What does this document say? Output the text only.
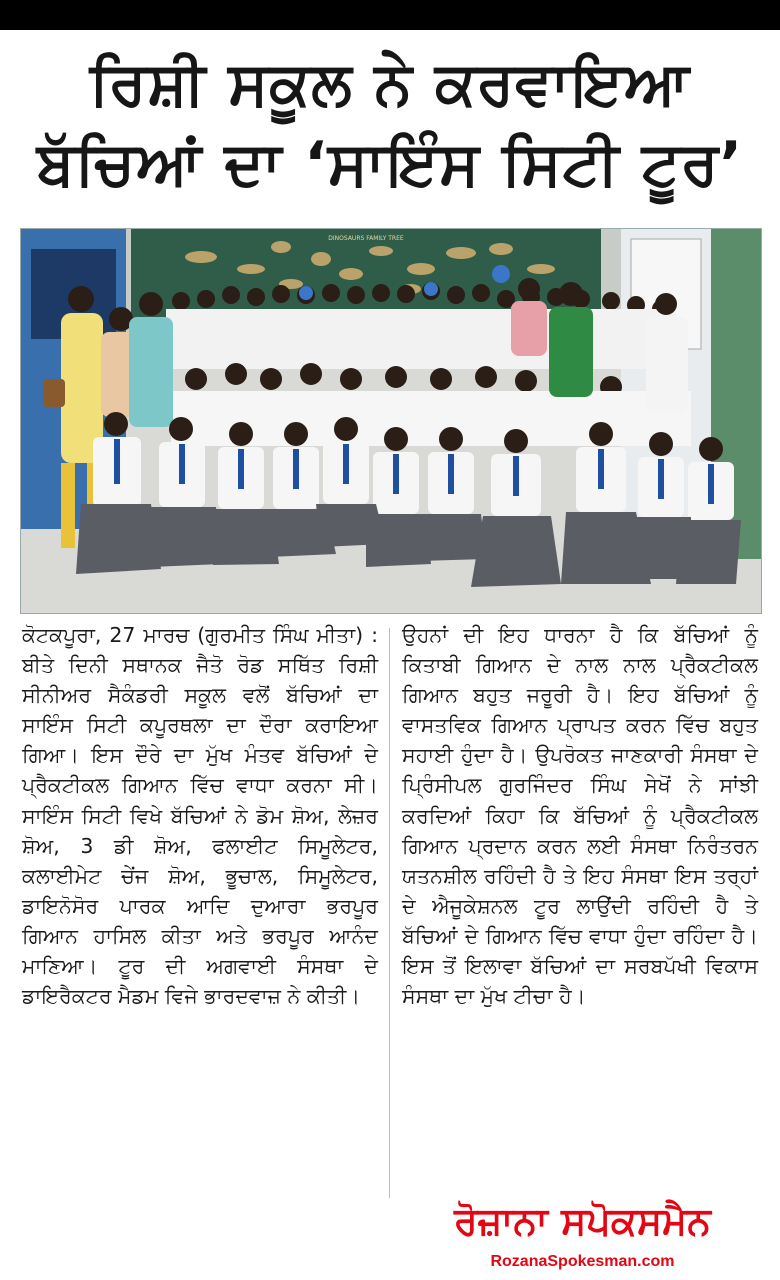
ਰਿਸ਼ੀ ਸਕੂਲ ਨੇ ਕਰਵਾਇਆ
ਬੱਚਿਆਂ ਦਾ ‘ਸਾਇੰਸ ਸਿਟੀ ਟੂਰ’
DINOSAURS FAMILY TREE
ਕੋਟਕਪੂਰਾ, 27 ਮਾਰਚ (ਗੁਰਮੀਤ ਸਿੰਘ ਮੀਤਾ) : ਬੀਤੇ ਦਿਨੀ ਸਥਾਨਕ ਜੈਤੋ ਰੋਡ ਸਥਿੱਤ ਰਿਸ਼ੀ ਸੀਨੀਅਰ ਸੈਕੰਡਰੀ ਸਕੂਲ ਵਲੋਂ ਬੱਚਿਆਂ ਦਾ ਸਾਇੰਸ ਸਿਟੀ ਕਪੂਰਥਲਾ ਦਾ ਦੌਰਾ ਕਰਾਇਆ ਗਿਆ। ਇਸ ਦੌਰੇ ਦਾ ਮੁੱਖ ਮੰਤਵ ਬੱਚਿਆਂ ਦੇ ਪ੍ਰੈਕਟੀਕਲ ਗਿਆਨ ਵਿੱਚ ਵਾਧਾ ਕਰਨਾ ਸੀ। ਸਾਇੰਸ ਸਿਟੀ ਵਿਖੇ ਬੱਚਿਆਂ ਨੇ ਡੋਮ ਸ਼ੋਅ, ਲੇਜ਼ਰ ਸ਼ੋਅ, 3 ਡੀ ਸ਼ੋਅ, ਫਲਾਈਟ ਸਿਮੂਲੇਟਰ, ਕਲਾਈਮੇਟ ਚੇਂਜ ਸ਼ੋਅ, ਭੂਚਾਲ, ਸਿਮੂਲੇਟਰ, ਡਾਇਨੋਸੋਰ ਪਾਰਕ ਆਦਿ ਦੁਆਰਾ ਭਰਪੂਰ ਗਿਆਨ ਹਾਸਿਲ ਕੀਤਾ ਅਤੇ ਭਰਪੂਰ ਆਨੰਦ ਮਾਣਿਆ। ਟੂਰ ਦੀ ਅਗਵਾਈ ਸੰਸਥਾ ਦੇ ਡਾਇਰੈਕਟਰ ਮੈਡਮ ਵਿਜੇ ਭਾਰਦਵਾਜ਼ ਨੇ ਕੀਤੀ।
ਉਹਨਾਂ ਦੀ ਇਹ ਧਾਰਨਾ ਹੈ ਕਿ ਬੱਚਿਆਂ ਨੂੰ ਕਿਤਾਬੀ ਗਿਆਨ ਦੇ ਨਾਲ ਨਾਲ ਪ੍ਰੈਕਟੀਕਲ ਗਿਆਨ ਬਹੁਤ ਜਰੂਰੀ ਹੈ। ਇਹ ਬੱਚਿਆਂ ਨੂੰ ਵਾਸਤਵਿਕ ਗਿਆਨ ਪ੍ਰਾਪਤ ਕਰਨ ਵਿੱਚ ਬਹੁਤ ਸਹਾਈ ਹੁੰਦਾ ਹੈ। ਉਪਰੋਕਤ ਜਾਣਕਾਰੀ ਸੰਸਥਾ ਦੇ ਪ੍ਰਿੰਸੀਪਲ ਗੁਰਜਿੰਦਰ ਸਿੰਘ ਸੇਖੋਂ ਨੇ ਸਾਂਝੀ ਕਰਦਿਆਂ ਕਿਹਾ ਕਿ ਬੱਚਿਆਂ ਨੂੰ ਪ੍ਰੈਕਟੀਕਲ ਗਿਆਨ ਪ੍ਰਦਾਨ ਕਰਨ ਲਈ ਸੰਸਥਾ ਨਿਰੰਤਰਨ ਯਤਨਸ਼ੀਲ ਰਹਿੰਦੀ ਹੈ ਤੇ ਇਹ ਸੰਸਥਾ ਇਸ ਤਰ੍ਹਾਂ ਦੇ ਐਜੂਕੇਸ਼ਨਲ ਟੂਰ ਲਾਉਂਦੀ ਰਹਿੰਦੀ ਹੈ ਤੇ ਬੱਚਿਆਂ ਦੇ ਗਿਆਨ ਵਿੱਚ ਵਾਧਾ ਹੁੰਦਾ ਰਹਿੰਦਾ ਹੈ। ਇਸ ਤੋਂ ਇਲਾਵਾ ਬੱਚਿਆਂ ਦਾ ਸਰਬਪੱਖੀ ਵਿਕਾਸ ਸੰਸਥਾ ਦਾ ਮੁੱਖ ਟੀਚਾ ਹੈ।
ਰੋਜ਼ਾਨਾ ਸਪੋਕਸਮੈਨ
RozanaSpokesman.com
